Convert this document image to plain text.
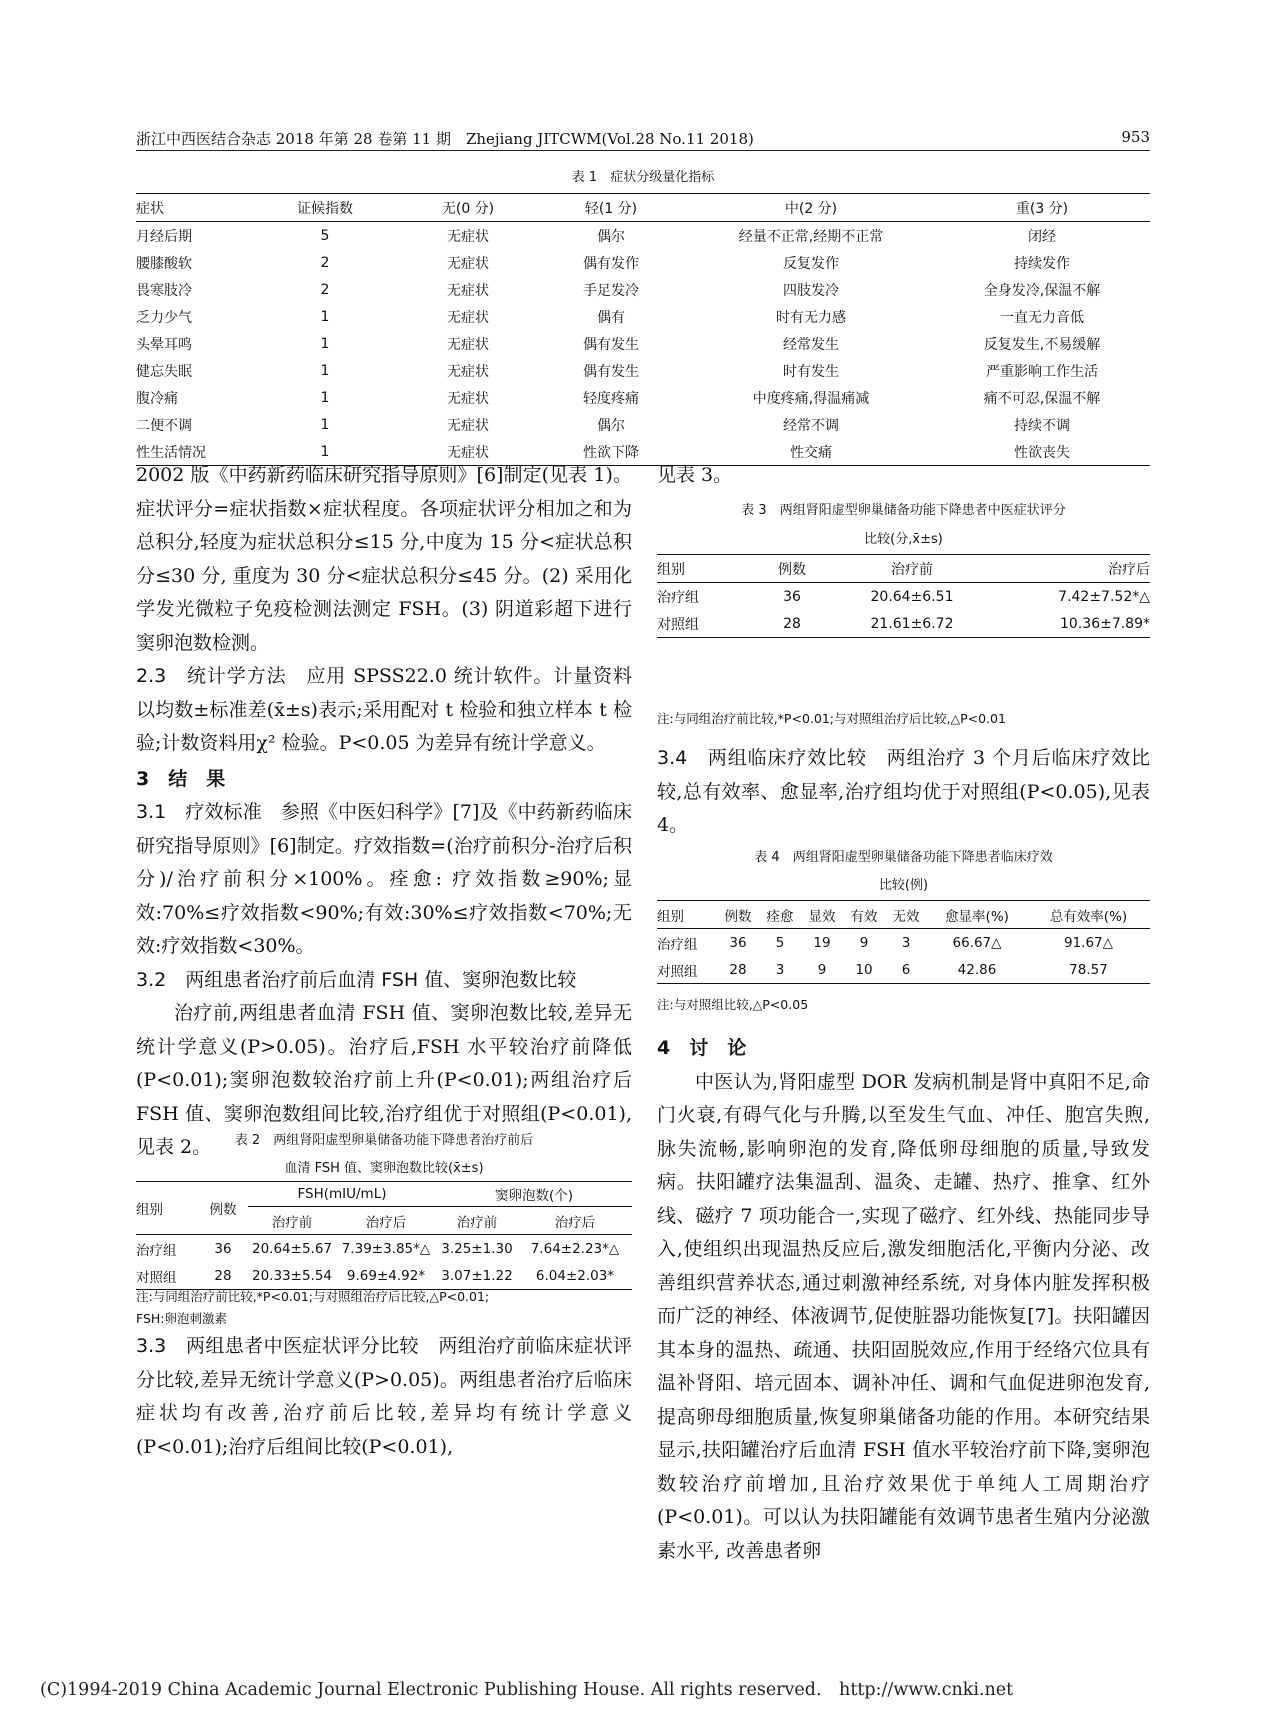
浙江中西医结合杂志 2018 年第 28 卷第 11 期　Zhejiang JITCWM(Vol.28 No.11 2018)	953
表 1　症状分级量化指标
症状	证候指数	无(0 分)	轻(1 分)	中(2 分)	重(3 分)
月经后期	5	无症状	偶尔	经量不正常,经期不正常	闭经
腰膝酸软	2	无症状	偶有发作	反复发作	持续发作
畏寒肢冷	2	无症状	手足发冷	四肢发冷	全身发冷,保温不解
乏力少气	1	无症状	偶有	时有无力感	一直无力音低
头晕耳鸣	1	无症状	偶有发生	经常发生	反复发生,不易缓解
健忘失眠	1	无症状	偶有发生	时有发生	严重影响工作生活
腹冷痛	1	无症状	轻度疼痛	中度疼痛,得温痛减	痛不可忍,保温不解
二便不调	1	无症状	偶尔	经常不调	持续不调
性生活情况	1	无症状	性欲下降	性交痛	性欲丧失

2002 版《中药新药临床研究指导原则》[6]制定(见表 1)。症状评分=症状指数×症状程度。各项症状评分相加之和为总积分,轻度为症状总积分≤15 分,中度为 15 分<症状总积分≤30 分, 重度为 30 分<症状总积分≤45 分。(2) 采用化学发光微粒子免疫检测法测定 FSH。(3) 阴道彩超下进行窦卵泡数检测。

2.3　统计学方法　应用 SPSS22.0 统计软件。计量资料以均数±标准差(x̄±s)表示;采用配对 t 检验和独立样本 t 检验;计数资料用χ² 检验。P<0.05 为差异有统计学意义。

3　结　果

3.1　疗效标准　参照《中医妇科学》[7]及《中药新药临床研究指导原则》[6]制定。疗效指数=(治疗前积分-治疗后积分)/治疗前积分×100%。痊愈: 疗效指数≥90%;显效:70%≤疗效指数<90%;有效:30%≤疗效指数<70%;无效:疗效指数<30%。

3.2　两组患者治疗前后血清 FSH 值、窦卵泡数比较

治疗前,两组患者血清 FSH 值、窦卵泡数比较,差异无统计学意义(P>0.05)。治疗后,FSH 水平较治疗前降低(P<0.01);窦卵泡数较治疗前上升(P<0.01);两组治疗后 FSH 值、窦卵泡数组间比较,治疗组优于对照组(P<0.01),见表 2。	表 2　两组肾阳虚型卵巢储备功能下降患者治疗前后
血清 FSH 值、窦卵泡数比较(x̄±s)
组别	例数	FSH(mIU/mL)		窦卵泡数(个)	
		治疗前	治疗后	治疗前	治疗后
治疗组	36	20.64±5.67	7.39±3.85*△	3.25±1.30	7.64±2.23*△
对照组	28	20.33±5.54	9.69±4.92*	3.07±1.22	6.04±2.03*
注:与同组治疗前比较,*P<0.01;与对照组治疗后比较,△P<0.01;
FSH:卵泡刺激素

3.3　两组患者中医症状评分比较　两组治疗前临床症状评分比较,差异无统计学意义(P>0.05)。两组患者治疗后临床症状均有改善,治疗前后比较,差异均有统计学意义(P<0.01);治疗后组间比较(P<0.01),

见表 3。

表 3　两组肾阳虚型卵巢储备功能下降患者中医症状评分
比较(分,x̄±s)
组别	例数	治疗前	治疗后
治疗组	36	20.64±6.51	7.42±7.52*△
对照组	28	21.61±6.72	10.36±7.89*
注:与同组治疗前比较,*P<0.01;与对照组治疗后比较,△P<0.01

3.4　两组临床疗效比较　两组治疗 3 个月后临床疗效比较,总有效率、愈显率,治疗组均优于对照组(P<0.05),见表 4。

表 4　两组肾阳虚型卵巢储备功能下降患者临床疗效
比较(例)
组别	例数	痊愈	显效	有效	无效	愈显率(%)	总有效率(%)
治疗组	36	5	19	9	3	66.67△	91.67△
对照组	28	3	9	10	6	42.86	78.57
注:与对照组比较,△P<0.05

4　讨　论

中医认为,肾阳虚型 DOR 发病机制是肾中真阳不足,命门火衰,有碍气化与升腾,以至发生气血、冲任、胞宫失煦,脉失流畅,影响卵泡的发育,降低卵母细胞的质量,导致发病。扶阳罐疗法集温刮、温灸、走罐、热疗、推拿、红外线、磁疗 7 项功能合一,实现了磁疗、红外线、热能同步导入,使组织出现温热反应后,激发细胞活化,平衡内分泌、改善组织营养状态,通过刺激神经系统, 对身体内脏发挥积极而广泛的神经、体液调节,促使脏器功能恢复[7]。扶阳罐因其本身的温热、疏通、扶阳固脱效应,作用于经络穴位具有温补肾阳、培元固本、调补冲任、调和气血促进卵泡发育,提高卵母细胞质量,恢复卵巢储备功能的作用。本研究结果显示,扶阳罐治疗后血清 FSH 值水平较治疗前下降,窦卵泡数较治疗前增加,且治疗效果优于单纯人工周期治疗(P<0.01)。可以认为扶阳罐能有效调节患者生殖内分泌激素水平, 改善患者卵

(C)1994-2019 China Academic Journal Electronic Publishing House. All rights reserved.　http://www.cnki.net
